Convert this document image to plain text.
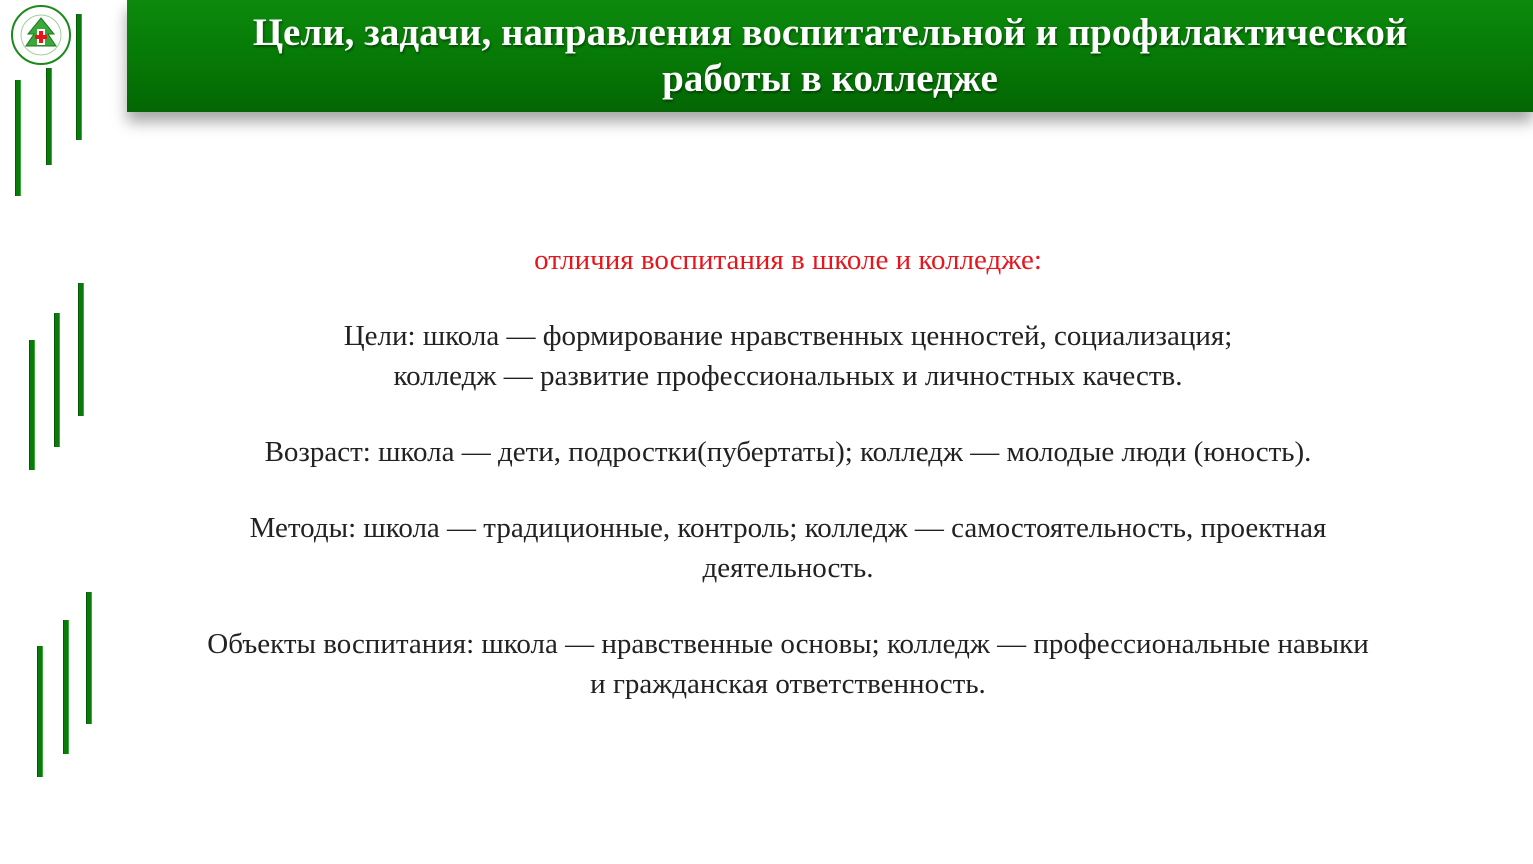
Цели, задачи, направления воспитательной и профилактической
работы в колледже

отличия воспитания в школе и колледже:

Цели: школа — формирование нравственных ценностей, социализация;
колледж — развитие профессиональных и личностных качеств.

Возраст: школа — дети, подростки(пубертаты); колледж — молодые люди (юность).

Методы: школа — традиционные, контроль; колледж — самостоятельность, проектная
деятельность.

Объекты воспитания: школа — нравственные основы; колледж — профессиональные навыки
и гражданская ответственность.
